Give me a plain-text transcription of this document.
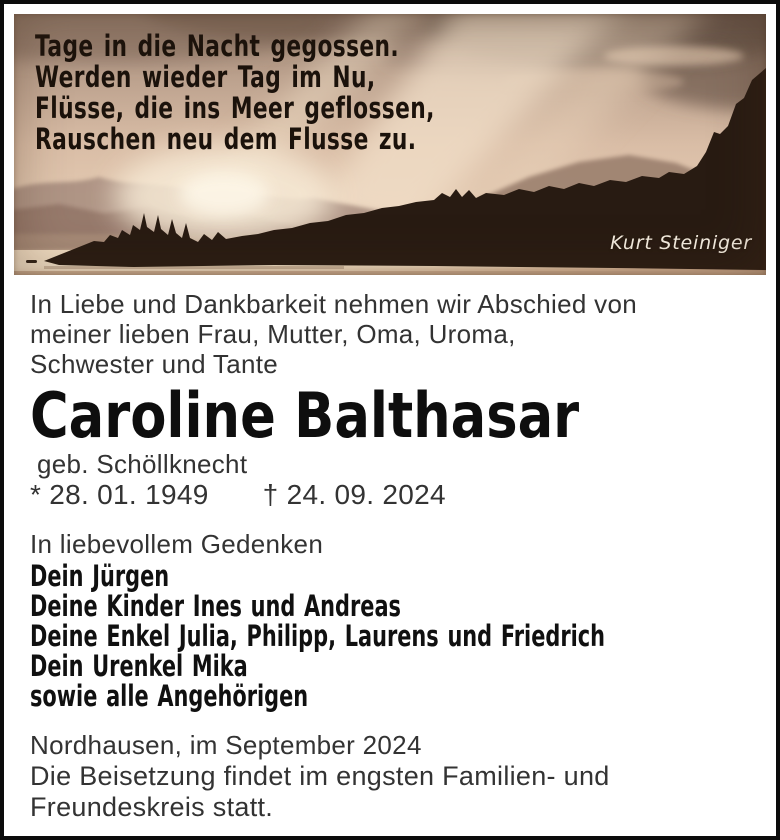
Tage in die Nacht gegossen.
Werden wieder Tag im Nu,
Flüsse, die ins Meer geflossen,
Rauschen neu dem Flusse zu.
Kurt Steiniger
In Liebe und Dankbarkeit nehmen wir Abschied von
meiner lieben Frau, Mutter, Oma, Uroma,
Schwester und Tante
Caroline Balthasar
geb. Schöllknecht
* 28. 01. 1949 † 24. 09. 2024
In liebevollem Gedenken
Dein Jürgen
Deine Kinder Ines und Andreas
Deine Enkel Julia, Philipp, Laurens und Friedrich
Dein Urenkel Mika
sowie alle Angehörigen
Nordhausen, im September 2024
Die Beisetzung findet im engsten Familien- und
Freundeskreis statt.
